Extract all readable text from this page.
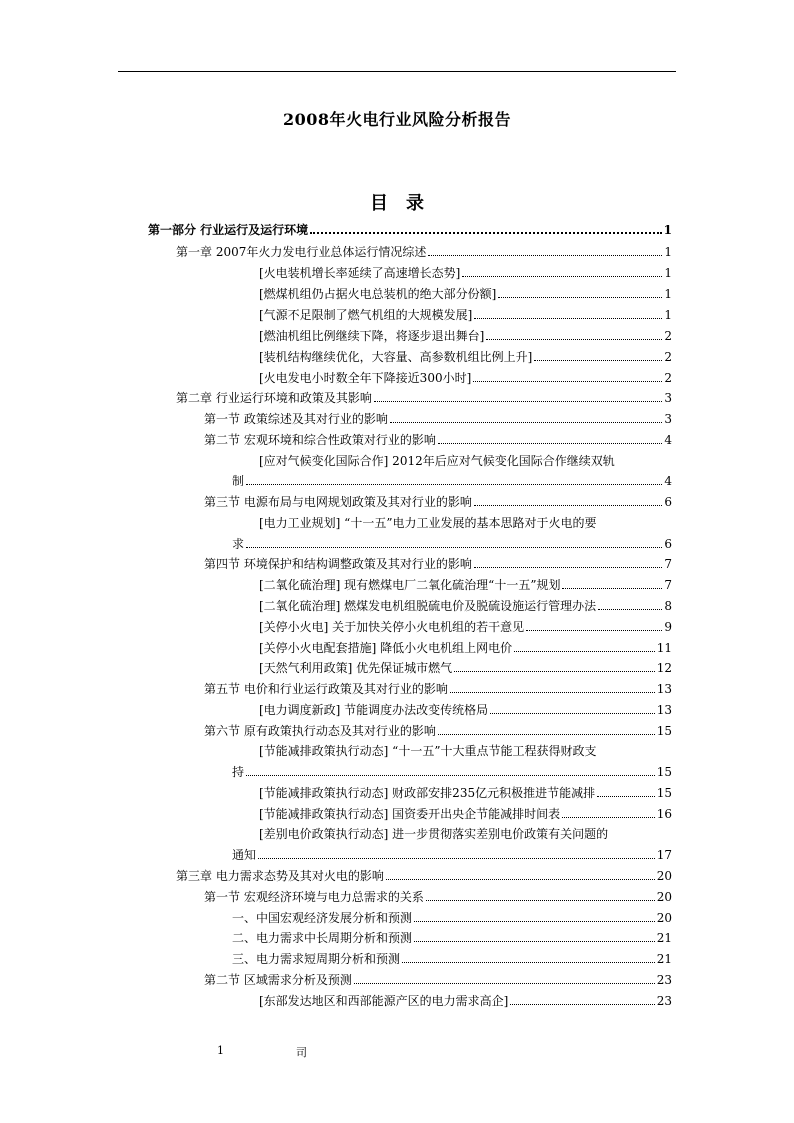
2008年火电行业风险分析报告
目　录
第一部分 行业运行及运行环境	1
第一章 2007年火力发电行业总体运行情况综述	1
[火电装机增长率延续了高速增长态势]	1
[燃煤机组仍占据火电总装机的绝大部分份额]	1
[气源不足限制了燃气机组的大规模发展]	1
[燃油机组比例继续下降，将逐步退出舞台]	2
[装机结构继续优化，大容量、高参数机组比例上升]	2
[火电发电小时数全年下降接近300小时]	2
第二章 行业运行环境和政策及其影响	3
第一节 政策综述及其对行业的影响	3
第二节 宏观环境和综合性政策对行业的影响	4
[应对气候变化国际合作] 2012年后应对气候变化国际合作继续双轨
制	4
第三节 电源布局与电网规划政策及其对行业的影响	6
[电力工业规划] “十一五”电力工业发展的基本思路对于火电的要
求	6
第四节 环境保护和结构调整政策及其对行业的影响	7
[二氧化硫治理] 现有燃煤电厂二氧化硫治理“十一五”规划	7
[二氧化硫治理] 燃煤发电机组脱硫电价及脱硫设施运行管理办法	8
[关停小火电] 关于加快关停小火电机组的若干意见	9
[关停小火电配套措施] 降低小火电机组上网电价	11
[天然气利用政策] 优先保证城市燃气	12
第五节 电价和行业运行政策及其对行业的影响	13
[电力调度新政] 节能调度办法改变传统格局	13
第六节 原有政策执行动态及其对行业的影响	15
[节能减排政策执行动态] “十一五”十大重点节能工程获得财政支
持	15
[节能减排政策执行动态] 财政部安排235亿元积极推进节能减排	15
[节能减排政策执行动态] 国资委开出央企节能减排时间表	16
[差别电价政策执行动态] 进一步贯彻落实差别电价政策有关问题的
通知	17
第三章 电力需求态势及其对火电的影响	20
第一节 宏观经济环境与电力总需求的关系	20
一、中国宏观经济发展分析和预测	20
二、电力需求中长周期分析和预测	21
三、电力需求短周期分析和预测	21
第二节 区域需求分析及预测	23
[东部发达地区和西部能源产区的电力需求高企]	23
1	司
